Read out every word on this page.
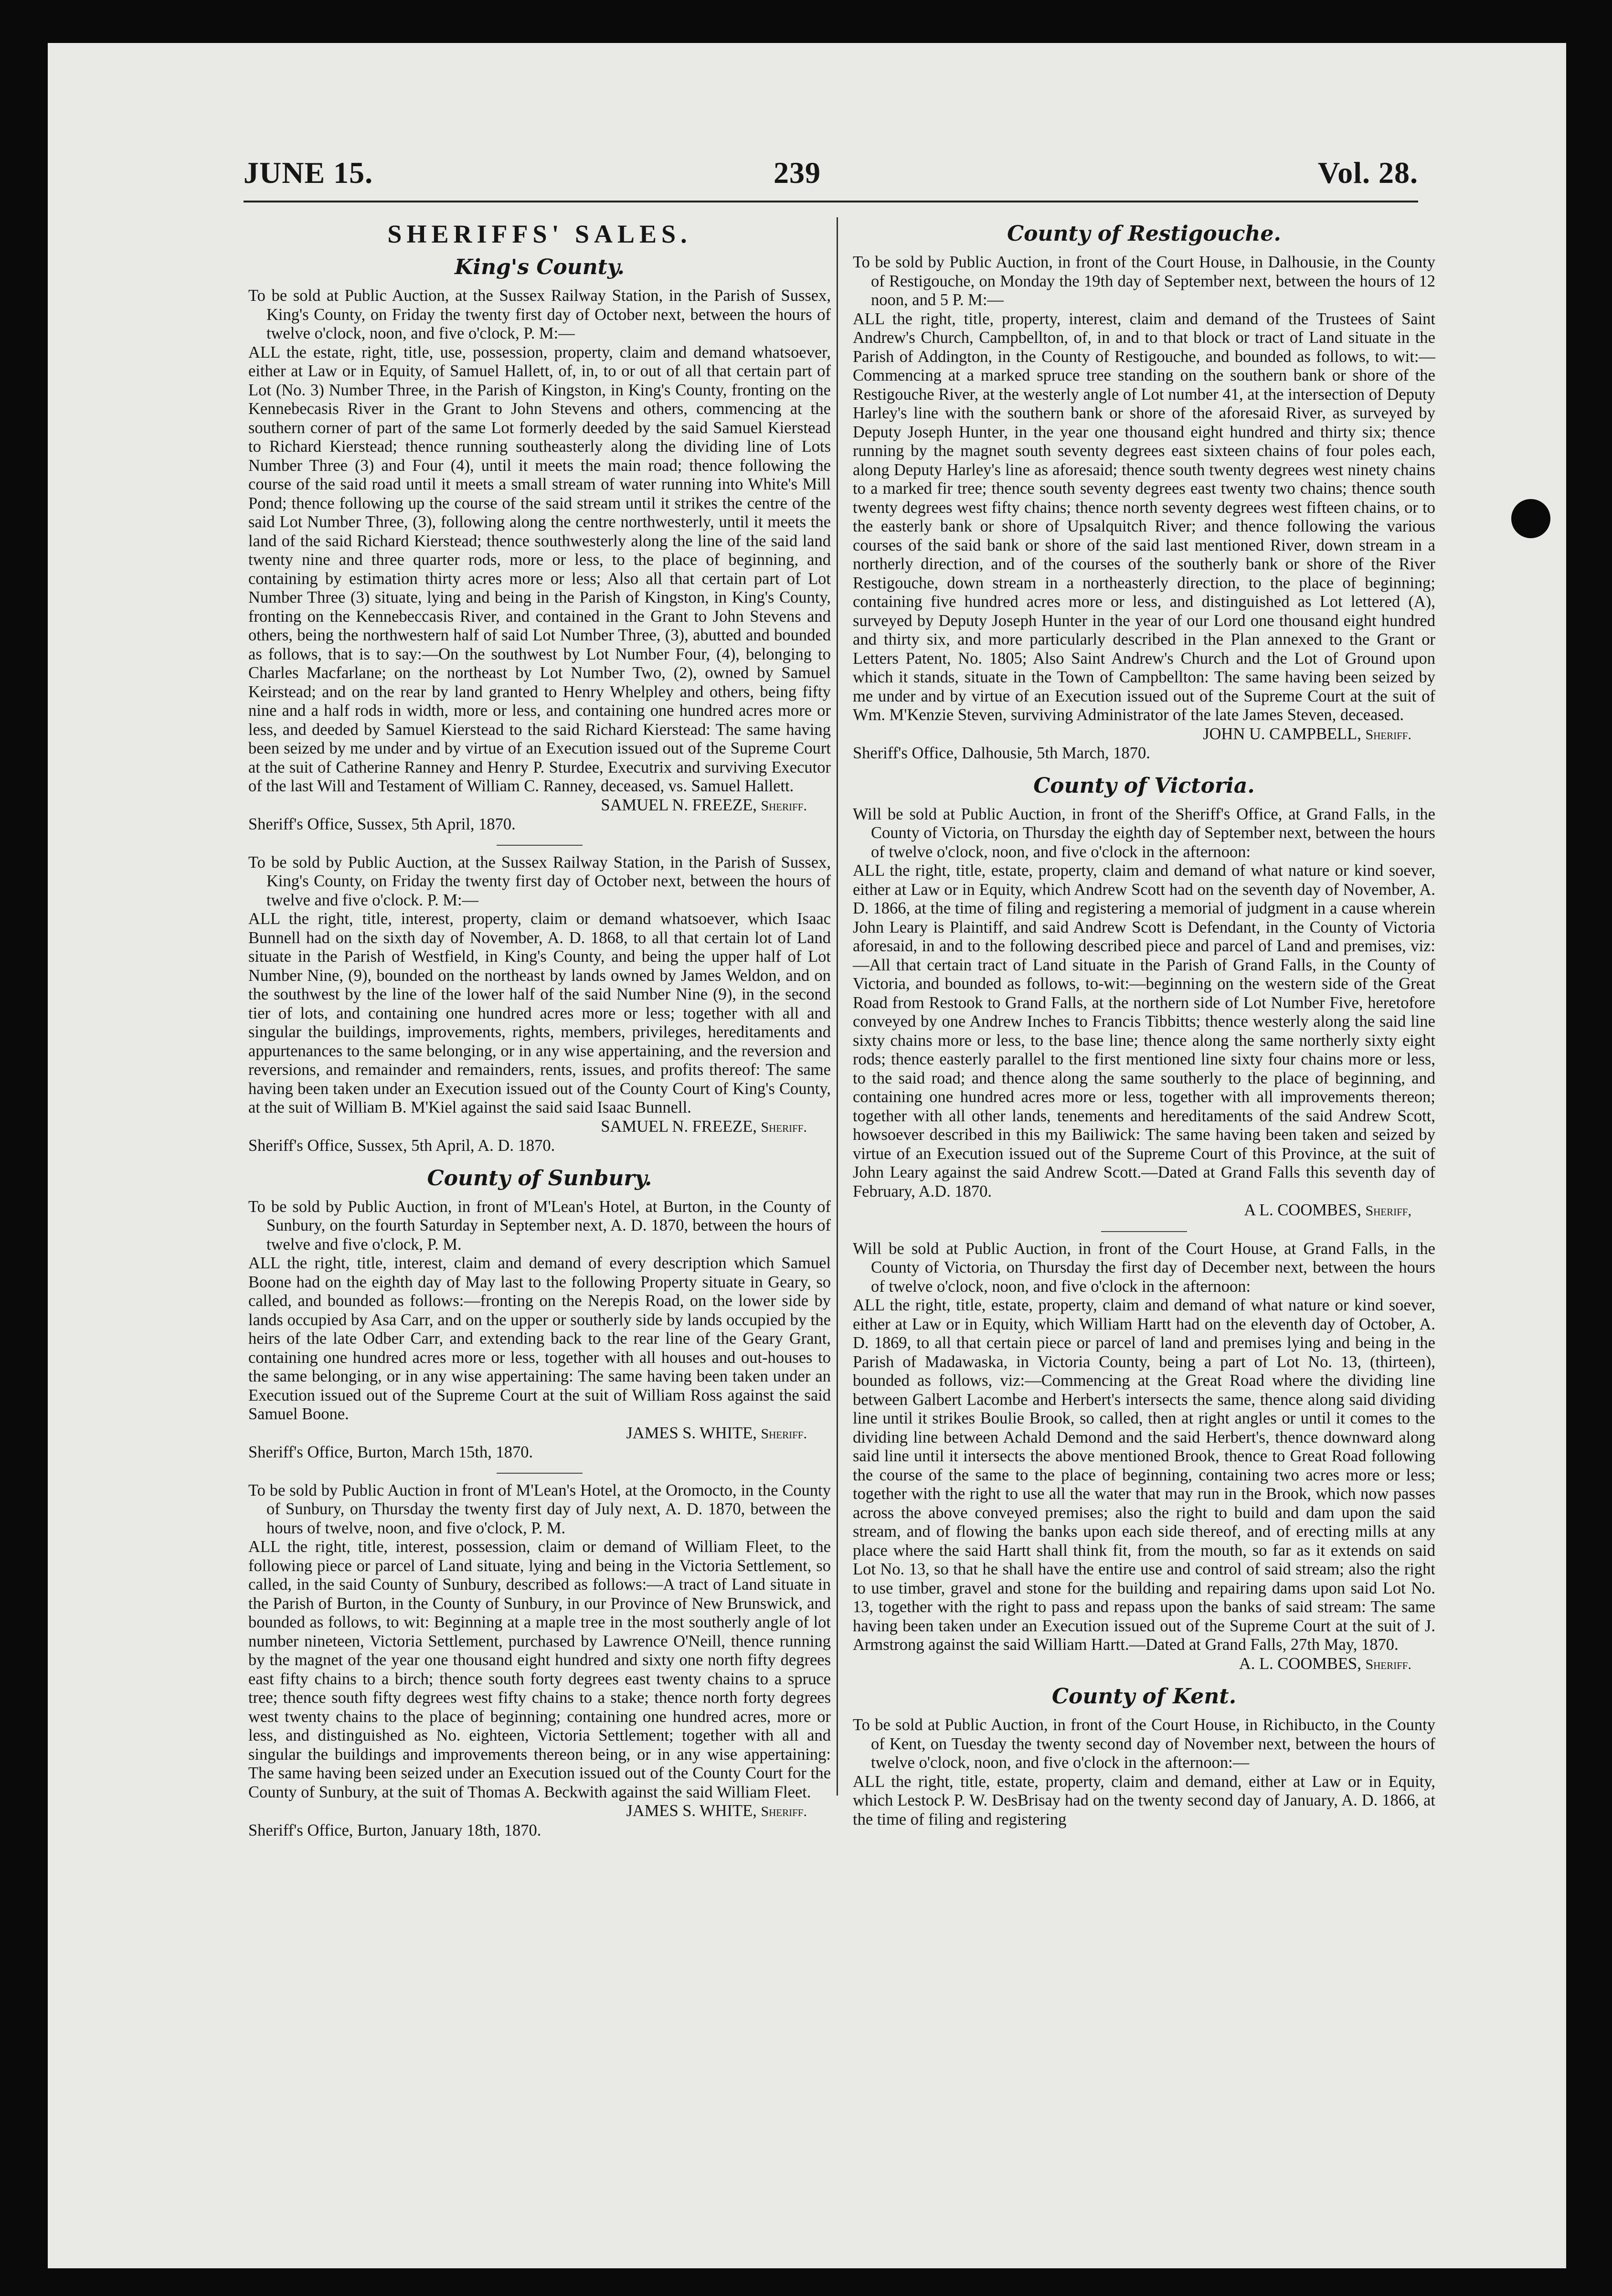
JUNE 15.	239	Vol. 28.
SHERIFFS' SALES.
King's County.

To be sold at Public Auction, at the Sussex Railway Station, in the Parish of Sussex, King's County, on Friday the twenty first day of October next, between the hours of twelve o'clock, noon, and five o'clock, P. M:—

ALL the estate, right, title, use, possession, property, claim and demand whatsoever, either at Law or in Equity, of Samuel Hallett, of, in, to or out of all that certain part of Lot (No. 3) Number Three, in the Parish of Kingston, in King's County, fronting on the Kennebecasis River in the Grant to John Stevens and others, commencing at the southern corner of part of the same Lot formerly deeded by the said Samuel Kierstead to Richard Kierstead; thence running southeasterly along the dividing line of Lots Number Three (3) and Four (4), until it meets the main road; thence following the course of the said road until it meets a small stream of water running into White's Mill Pond; thence following up the course of the said stream until it strikes the centre of the said Lot Number Three, (3), following along the centre northwesterly, until it meets the land of the said Richard Kierstead; thence southwesterly along the line of the said land twenty nine and three quarter rods, more or less, to the place of beginning, and containing by estimation thirty acres more or less; Also all that certain part of Lot Number Three (3) situate, lying and being in the Parish of Kingston, in King's County, fronting on the Kennebeccasis River, and contained in the Grant to John Stevens and others, being the northwestern half of said Lot Number Three, (3), abutted and bounded as follows, that is to say:—On the southwest by Lot Number Four, (4), belonging to Charles Macfarlane; on the northeast by Lot Number Two, (2), owned by Samuel Keirstead; and on the rear by land granted to Henry Whelpley and others, being fifty nine and a half rods in width, more or less, and containing one hundred acres more or less, and deeded by Samuel Kierstead to the said Richard Kierstead: The same having been seized by me under and by virtue of an Execution issued out of the Supreme Court at the suit of Catherine Ranney and Henry P. Sturdee, Executrix and surviving Executor of the last Will and Testament of William C. Ranney, deceased, vs. Samuel Hallett.

SAMUEL N. FREEZE, Sheriff.

Sheriff's Office, Sussex, 5th April, 1870.

To be sold by Public Auction, at the Sussex Railway Station, in the Parish of Sussex, King's County, on Friday the twenty first day of October next, between the hours of twelve and five o'clock. P. M:—

ALL the right, title, interest, property, claim or demand whatsoever, which Isaac Bunnell had on the sixth day of November, A. D. 1868, to all that certain lot of Land situate in the Parish of Westfield, in King's County, and being the upper half of Lot Number Nine, (9), bounded on the northeast by lands owned by James Weldon, and on the southwest by the line of the lower half of the said Number Nine (9), in the second tier of lots, and containing one hundred acres more or less; together with all and singular the buildings, improvements, rights, members, privileges, hereditaments and appurtenances to the same belonging, or in any wise appertaining, and the reversion and reversions, and remainder and remainders, rents, issues, and profits thereof: The same having been taken under an Execution issued out of the County Court of King's County, at the suit of William B. M'Kiel against the said said Isaac Bunnell.

SAMUEL N. FREEZE, Sheriff.

Sheriff's Office, Sussex, 5th April, A. D. 1870.

County of Sunbury.

To be sold by Public Auction, in front of M'Lean's Hotel, at Burton, in the County of Sunbury, on the fourth Saturday in September next, A. D. 1870, between the hours of twelve and five o'clock, P. M.

ALL the right, title, interest, claim and demand of every description which Samuel Boone had on the eighth day of May last to the following Property situate in Geary, so called, and bounded as follows:—fronting on the Nerepis Road, on the lower side by lands occupied by Asa Carr, and on the upper or southerly side by lands occupied by the heirs of the late Odber Carr, and extending back to the rear line of the Geary Grant, containing one hundred acres more or less, together with all houses and out-houses to the same belonging, or in any wise appertaining: The same having been taken under an Execution issued out of the Supreme Court at the suit of William Ross against the said Samuel Boone.

JAMES S. WHITE, Sheriff.

Sheriff's Office, Burton, March 15th, 1870.

To be sold by Public Auction in front of M'Lean's Hotel, at the Oromocto, in the County of Sunbury, on Thursday the twenty first day of July next, A. D. 1870, between the hours of twelve, noon, and five o'clock, P. M.

ALL the right, title, interest, possession, claim or demand of William Fleet, to the following piece or parcel of Land situate, lying and being in the Victoria Settlement, so called, in the said County of Sunbury, described as follows:—A tract of Land situate in the Parish of Burton, in the County of Sunbury, in our Province of New Brunswick, and bounded as follows, to wit: Beginning at a maple tree in the most southerly angle of lot number nineteen, Victoria Settlement, purchased by Lawrence O'Neill, thence running by the magnet of the year one thousand eight hundred and sixty one north fifty degrees east fifty chains to a birch; thence south forty degrees east twenty chains to a spruce tree; thence south fifty degrees west fifty chains to a stake; thence north forty degrees west twenty chains to the place of beginning; containing one hundred acres, more or less, and distinguished as No. eighteen, Victoria Settlement; together with all and singular the buildings and improvements thereon being, or in any wise appertaining: The same having been seized under an Execution issued out of the County Court for the County of Sunbury, at the suit of Thomas A. Beckwith against the said William Fleet.

JAMES S. WHITE, Sheriff.

Sheriff's Office, Burton, January 18th, 1870.

County of Restigouche.

To be sold by Public Auction, in front of the Court House, in Dalhousie, in the County of Restigouche, on Monday the 19th day of September next, between the hours of 12 noon, and 5 P. M:—

ALL the right, title, property, interest, claim and demand of the Trustees of Saint Andrew's Church, Campbellton, of, in and to that block or tract of Land situate in the Parish of Addington, in the County of Restigouche, and bounded as follows, to wit:—Commencing at a marked spruce tree standing on the southern bank or shore of the Restigouche River, at the westerly angle of Lot number 41, at the intersection of Deputy Harley's line with the southern bank or shore of the aforesaid River, as surveyed by Deputy Joseph Hunter, in the year one thousand eight hundred and thirty six; thence running by the magnet south seventy degrees east sixteen chains of four poles each, along Deputy Harley's line as aforesaid; thence south twenty degrees west ninety chains to a marked fir tree; thence south seventy degrees east twenty two chains; thence south twenty degrees west fifty chains; thence north seventy degrees west fifteen chains, or to the easterly bank or shore of Upsalquitch River; and thence following the various courses of the said bank or shore of the said last mentioned River, down stream in a northerly direction, and of the courses of the southerly bank or shore of the River Restigouche, down stream in a northeasterly direction, to the place of beginning; containing five hundred acres more or less, and distinguished as Lot lettered (A), surveyed by Deputy Joseph Hunter in the year of our Lord one thousand eight hundred and thirty six, and more particularly described in the Plan annexed to the Grant or Letters Patent, No. 1805; Also Saint Andrew's Church and the Lot of Ground upon which it stands, situate in the Town of Campbellton: The same having been seized by me under and by virtue of an Execution issued out of the Supreme Court at the suit of Wm. M'Kenzie Steven, surviving Administrator of the late James Steven, deceased.

JOHN U. CAMPBELL, Sheriff.

Sheriff's Office, Dalhousie, 5th March, 1870.

County of Victoria.

Will be sold at Public Auction, in front of the Sheriff's Office, at Grand Falls, in the County of Victoria, on Thursday the eighth day of September next, between the hours of twelve o'clock, noon, and five o'clock in the afternoon:

ALL the right, title, estate, property, claim and demand of what nature or kind soever, either at Law or in Equity, which Andrew Scott had on the seventh day of November, A. D. 1866, at the time of filing and registering a memorial of judgment in a cause wherein John Leary is Plaintiff, and said Andrew Scott is Defendant, in the County of Victoria aforesaid, in and to the following described piece and parcel of Land and premises, viz:—All that certain tract of Land situate in the Parish of Grand Falls, in the County of Victoria, and bounded as follows, to-wit:—beginning on the western side of the Great Road from Restook to Grand Falls, at the northern side of Lot Number Five, heretofore conveyed by one Andrew Inches to Francis Tibbitts; thence westerly along the said line sixty chains more or less, to the base line; thence along the same northerly sixty eight rods; thence easterly parallel to the first mentioned line sixty four chains more or less, to the said road; and thence along the same southerly to the place of beginning, and containing one hundred acres more or less, together with all improvements thereon; together with all other lands, tenements and hereditaments of the said Andrew Scott, howsoever described in this my Bailiwick: The same having been taken and seized by virtue of an Execution issued out of the Supreme Court of this Province, at the suit of John Leary against the said Andrew Scott.—Dated at Grand Falls this seventh day of February, A.D. 1870.

A L. COOMBES, Sheriff,

Will be sold at Public Auction, in front of the Court House, at Grand Falls, in the County of Victoria, on Thursday the first day of December next, between the hours of twelve o'clock, noon, and five o'clock in the afternoon:

ALL the right, title, estate, property, claim and demand of what nature or kind soever, either at Law or in Equity, which William Hartt had on the eleventh day of October, A. D. 1869, to all that certain piece or parcel of land and premises lying and being in the Parish of Madawaska, in Victoria County, being a part of Lot No. 13, (thirteen), bounded as follows, viz:—Commencing at the Great Road where the dividing line between Galbert Lacombe and Herbert's intersects the same, thence along said dividing line until it strikes Boulie Brook, so called, then at right angles or until it comes to the dividing line between Achald Demond and the said Herbert's, thence downward along said line until it intersects the above mentioned Brook, thence to Great Road following the course of the same to the place of beginning, containing two acres more or less; together with the right to use all the water that may run in the Brook, which now passes across the above conveyed premises; also the right to build and dam upon the said stream, and of flowing the banks upon each side thereof, and of erecting mills at any place where the said Hartt shall think fit, from the mouth, so far as it extends on said Lot No. 13, so that he shall have the entire use and control of said stream; also the right to use timber, gravel and stone for the building and repairing dams upon said Lot No. 13, together with the right to pass and repass upon the banks of said stream: The same having been taken under an Execution issued out of the Supreme Court at the suit of J. Armstrong against the said William Hartt.—Dated at Grand Falls, 27th May, 1870.

A. L. COOMBES, Sheriff.

County of Kent.

To be sold at Public Auction, in front of the Court House, in Richibucto, in the County of Kent, on Tuesday the twenty second day of November next, between the hours of twelve o'clock, noon, and five o'clock in the afternoon:—

ALL the right, title, estate, property, claim and demand, either at Law or in Equity, which Lestock P. W. DesBrisay had on the twenty second day of January, A. D. 1866, at the time of filing and registering
